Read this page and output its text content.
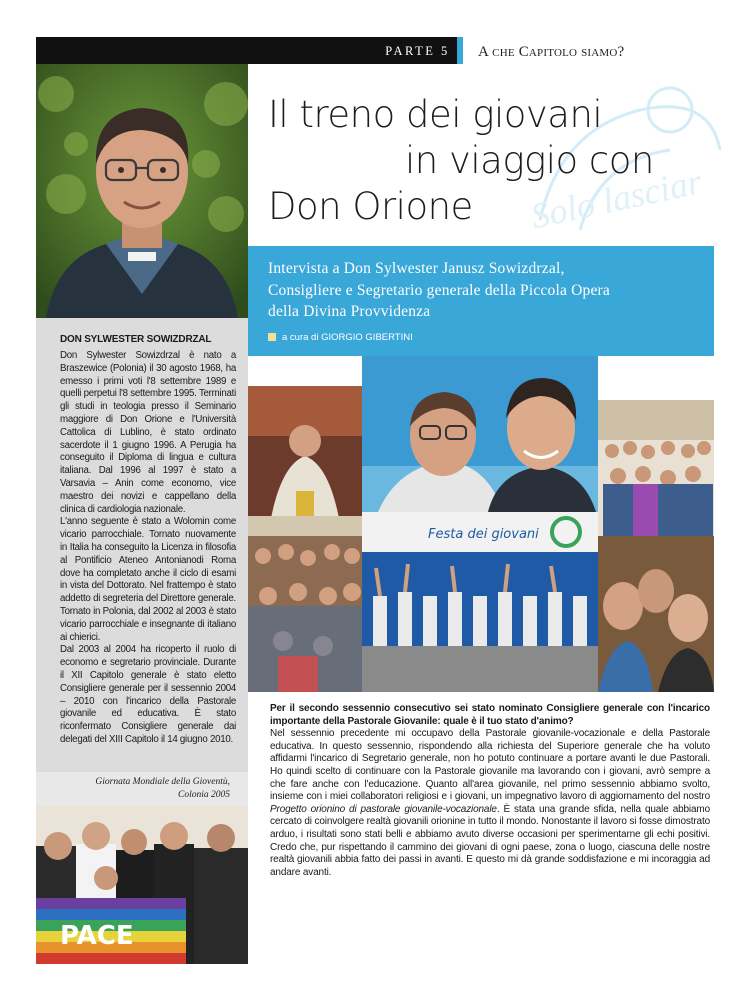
PARTE 5	A che Capitolo siamo?
Solo lasciar
DON SYLWESTER SOWIZDRZAL

Don Sylwester Sowizdrzal è nato a Braszewice (Polonia) il 30 agosto 1968, ha emesso i primi voti l'8 settembre 1989 e quelli perpetui l'8 settembre 1995. Terminati gli studi in teologia presso il Seminario maggiore di Don Orione e l'Università Cattolica di Lublino, è stato ordinato sacerdote il 1 giugno 1996. A Perugia ha conseguito il Diploma di lingua e cultura italiana. Dal 1996 al 1997 è stato a Varsavia – Anin come economo, vice maestro dei novizi e cappellano della clinica di cardiologia nazionale.

L'anno seguente è stato a Wolomin come vicario parrocchiale. Tornato nuovamente in Italia ha conseguito la Licenza in filosofia al Pontificio Ateneo Antonianodi Roma dove ha completato anche il ciclo di esami in vista del Dottorato. Nel frattempo è stato addetto di segreteria del Direttore generale. Tornato in Polonia, dal 2002 al 2003 è stato vicario parrocchiale e insegnante di italiano ai chierici.

Dal 2003 al 2004 ha ricoperto il ruolo di economo e segretario provinciale. Durante il XII Capitolo generale è stato eletto Consigliere generale per il sessennio 2004 – 2010 con l'incarico della Pastorale giovanile ed educativa. È stato riconfermato Consigliere generale dai delegati del XIII Capitolo il 14 giugno 2010.

Giornata Mondiale della Gioventù,
Colonia 2005
PACE
Il treno dei giovani
in viaggio con
Don Orione
Intervista a Don Sylwester Janusz Sowizdrzal,
Consigliere e Segretario generale della Piccola Opera
della Divina Provvidenza
a cura di GIORGIO GIBERTINI
Festa dei giovani

Per il secondo sessennio consecutivo sei stato nominato Consigliere generale con l'incarico importante della Pastorale Giovanile: quale è il tuo stato d'animo?

Nel sessennio precedente mi occupavo della Pastorale giovanile-vocazionale e della Pastorale educativa. In questo sessennio, rispondendo alla richiesta del Superiore generale che ha voluto affidarmi l'incarico di Segretario generale, non ho potuto continuare a portare avanti le due Pastorali. Ho quindi scelto di continuare con la Pastorale giovanile ma lavorando con i giovani, avrò sempre a che fare anche con l'educazione. Quanto all'area giovanile, nel primo sessennio abbiamo svolto, insieme con i miei collaboratori religiosi e i giovani, un impegnativo lavoro di aggiornamento del nostro Progetto orionino di pastorale giovanile-vocazionale. È stata una grande sfida, nella quale abbiamo cercato di coinvolgere realtà giovanili orionine in tutto il mondo. Nonostante il lavoro si fosse dimostrato arduo, i risultati sono stati belli e abbiamo avuto diverse occasioni per sperimentarne gli echi positivi. Credo che, pur rispettando il cammino dei giovani di ogni paese, zona o luogo, ciascuna delle nostre realtà giovanili abbia fatto dei passi in avanti. E questo mi dà grande soddisfazione e mi incoraggia ad andare avanti.
